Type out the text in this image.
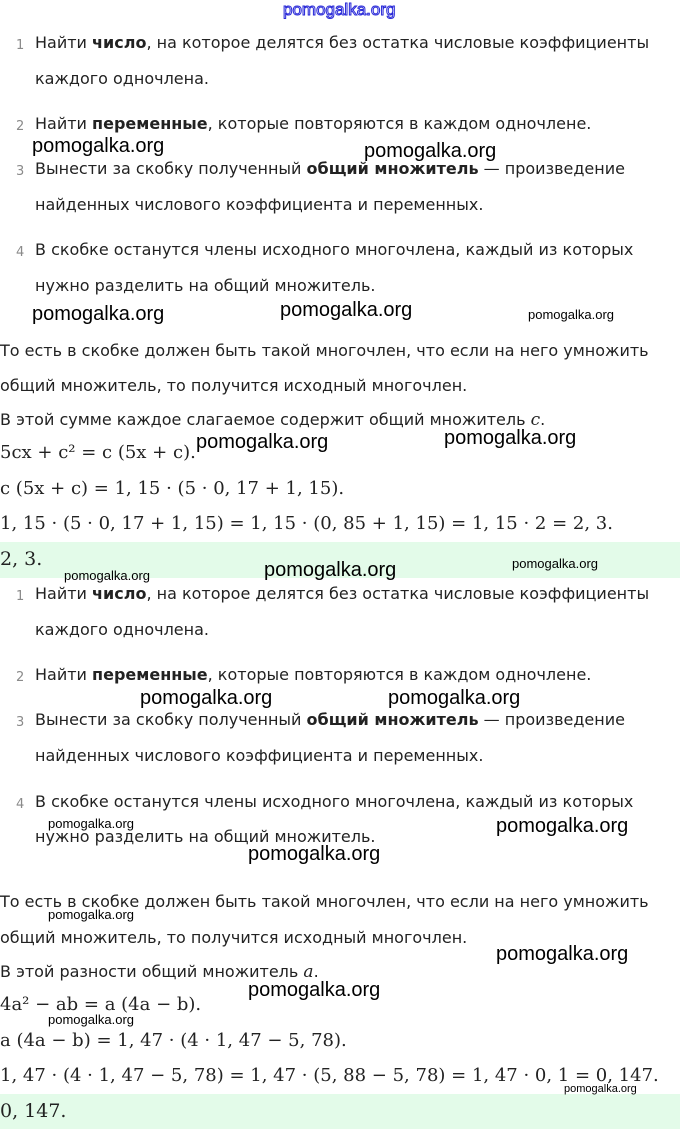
pomogalka.org
1 Найти число, на которое делятся без остатка числовые коэффициенты
каждого одночлена.
2 Найти переменные, которые повторяются в каждом одночлене.
3 Вынести за скобку полученный общий множитель — произведение
найденных числового коэффициента и переменных.
4 В скобке останутся члены исходного многочлена, каждый из которых
нужно разделить на общий множитель.
То есть в скобке должен быть такой многочлен, что если на него умножить
общий множитель, то получится исходный многочлен.
В этой сумме каждое слагаемое содержит общий множитель c.
5cx + c² = c (5x + c).
c (5x + c) = 1, 15 · (5 · 0, 17 + 1, 15).
1, 15 · (5 · 0, 17 + 1, 15) = 1, 15 · (0, 85 + 1, 15) = 1, 15 · 2 = 2, 3.
2, 3.
1 Найти число, на которое делятся без остатка числовые коэффициенты
каждого одночлена.
2 Найти переменные, которые повторяются в каждом одночлене.
3 Вынести за скобку полученный общий множитель — произведение
найденных числового коэффициента и переменных.
4 В скобке останутся члены исходного многочлена, каждый из которых
нужно разделить на общий множитель.
То есть в скобке должен быть такой многочлен, что если на него умножить
общий множитель, то получится исходный многочлен.
В этой разности общий множитель a.
4a² − ab = a (4a − b).
a (4a − b) = 1, 47 · (4 · 1, 47 − 5, 78).
1, 47 · (4 · 1, 47 − 5, 78) = 1, 47 · (5, 88 − 5, 78) = 1, 47 · 0, 1 = 0, 147.
0, 147.
pomogalka.org	pomogalka.org
pomogalka.org	pomogalka.org	pomogalka.org
pomogalka.org	pomogalka.org
pomogalka.org	pomogalka.org	pomogalka.org
pomogalka.org	pomogalka.org
pomogalka.org	pomogalka.org
pomogalka.org
pomogalka.org
pomogalka.org
pomogalka.org
pomogalka.org
pomogalka.org
